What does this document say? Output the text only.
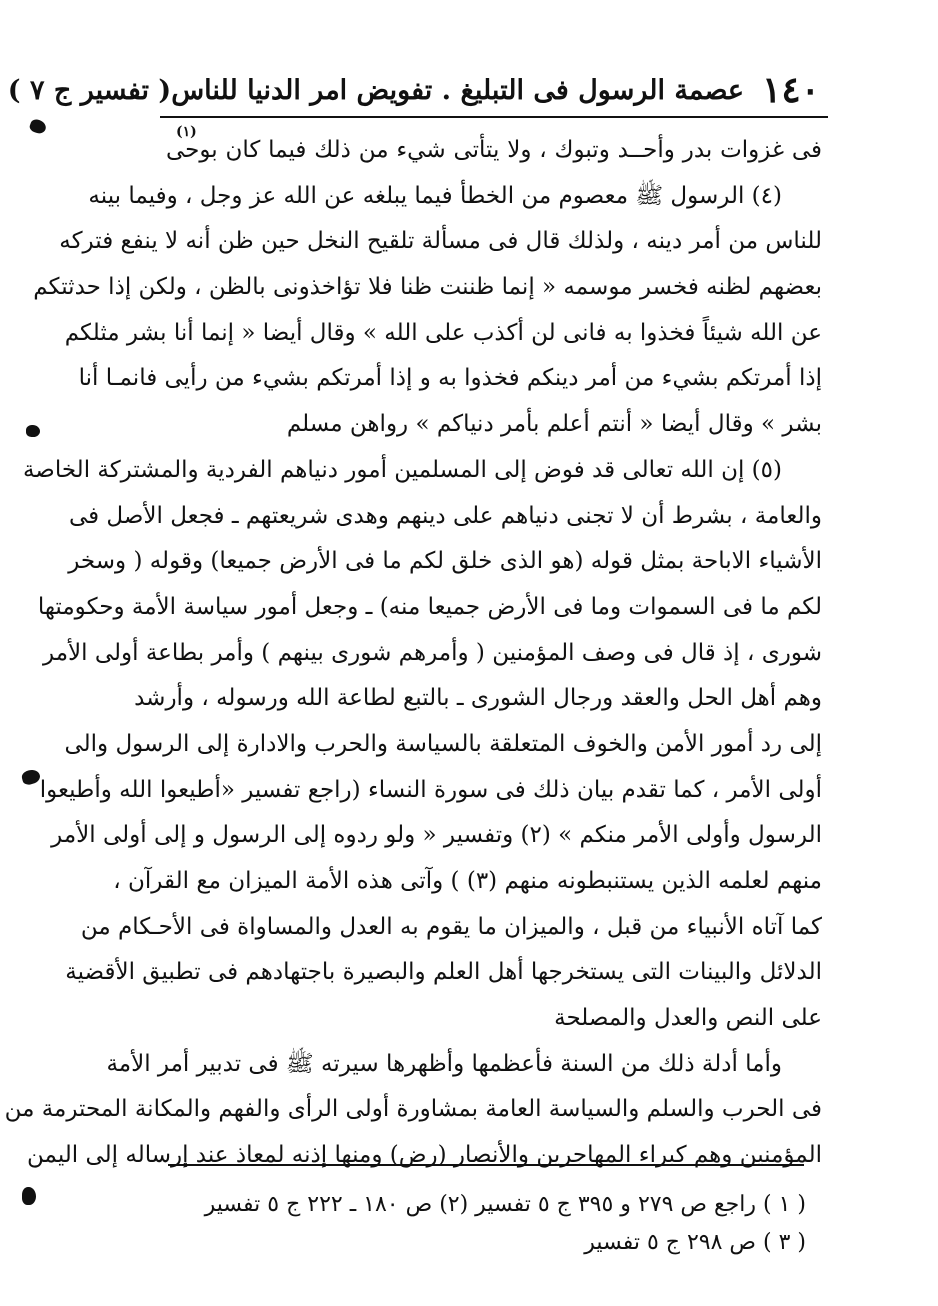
١٤٠
عصمة الرسول فى التبليغ . تفويض امر الدنيا للناس
( تفسير ج ٧ )
(١)
فى غزوات بدر وأحــد وتبوك ، ولا يتأتى شيء من ذلك فيما كان بوحى
(٤) الرسول ﷺ معصوم من الخطأ فيما يبلغه عن الله عز وجل ، وفيما بينه
للناس من أمر دينه ، ولذلك قال فى مسألة تلقيح النخل حين ظن أنه لا ينفع فتركه
بعضهم لظنه فخسر موسمه « إنما ظننت ظنا فلا تؤاخذونى بالظن ، ولكن إذا حدثتكم
عن الله شيئاً فخذوا به فانى لن أكذب على الله » وقال أيضا « إنما أنا بشر مثلكم
إذا أمرتكم بشيء من أمر دينكم فخذوا به و إذا أمرتكم بشيء من رأيى فانمـا أنا
بشر » وقال أيضا « أنتم أعلم بأمر دنياكم » رواهن مسلم
(٥) إن الله تعالى قد فوض إلى المسلمين أمور دنياهم الفردية والمشتركة الخاصة
والعامة ، بشرط أن لا تجنى دنياهم على دينهم وهدى شريعتهم ـ فجعل الأصل فى
الأشياء الاباحة بمثل قوله (هو الذى خلق لكم ما فى الأرض جميعا) وقوله ( وسخر
لكم ما فى السموات وما فى الأرض جميعا منه) ـ وجعل أمور سياسة الأمة وحكومتها
شورى ، إذ قال فى وصف المؤمنين ( وأمرهم شورى بينهم ) وأمر بطاعة أولى الأمر
وهم أهل الحل والعقد ورجال الشورى ـ بالتبع لطاعة الله ورسوله ، وأرشد
إلى رد أمور الأمن والخوف المتعلقة بالسياسة والحرب والادارة إلى الرسول والى
أولى الأمر ، كما تقدم بيان ذلك فى سورة النساء (راجع تفسير «أطيعوا الله وأطيعوا
الرسول وأولى الأمر منكم » (٢) وتفسير « ولو ردوه إلى الرسول و إلى أولى الأمر
منهم لعلمه الذين يستنبطونه منهم (٣) ) وآتى هذه الأمة الميزان مع القرآن ،
كما آتاه الأنبياء من قبل ، والميزان ما يقوم به العدل والمساواة فى الأحـكام من
الدلائل والبينات التى يستخرجها أهل العلم والبصيرة باجتهادهم فى تطبيق الأقضية
على النص والعدل والمصلحة
وأما أدلة ذلك من السنة فأعظمها وأظهرها سيرته ﷺ فى تدبير أمر الأمة
فى الحرب والسلم والسياسة العامة بمشاورة أولى الرأى والفهم والمكانة المحترمة من
المؤمنين وهم كبراء المهاجرين والأنصار (رض) ومنها إذنه لمعاذ عند إرساله إلى اليمن
( ١ ) راجع ص ٢٧٩ و ٣٩٥ ج ٥ تفسير (٢) ص ١٨٠ ـ ٢٢٢ ج ٥ تفسير
( ٣ ) ص ٢٩٨ ج ٥ تفسير
